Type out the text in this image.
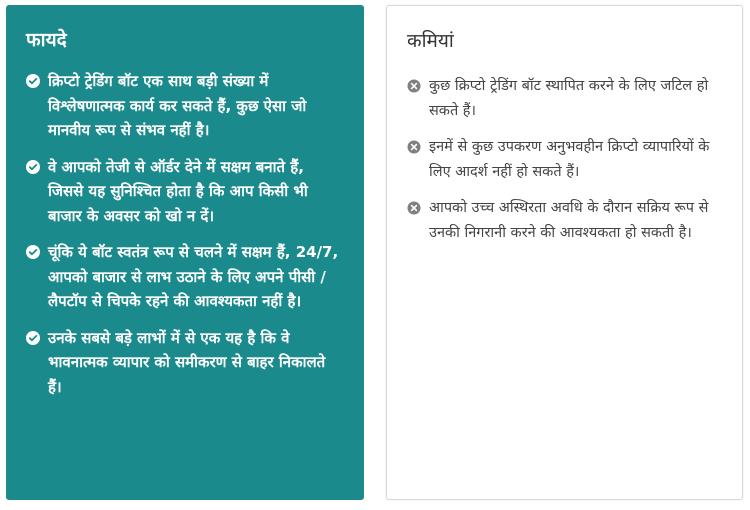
फायदे
क्रिप्टो ट्रेडिंग बॉट एक साथ बड़ी संख्या में विश्लेषणात्मक कार्य कर सकते हैं, कुछ ऐसा जो मानवीय रूप से संभव नहीं है।
वे आपको तेजी से ऑर्डर देने में सक्षम बनाते हैं, जिससे यह सुनिश्चित होता है कि आप किसी भी बाजार के अवसर को खो न दें।
चूंकि ये बॉट स्वतंत्र रूप से चलने में सक्षम हैं, 24/7, आपको बाजार से लाभ उठाने के लिए अपने पीसी / लैपटॉप से चिपके रहने की आवश्यकता नहीं है।
उनके सबसे बड़े लाभों में से एक यह है कि वे भावनात्मक व्यापार को समीकरण से बाहर निकालते हैं।
कमियां
कुछ क्रिप्टो ट्रेडिंग बॉट स्थापित करने के लिए जटिल हो सकते हैं।
इनमें से कुछ उपकरण अनुभवहीन क्रिप्टो व्यापारियों के लिए आदर्श नहीं हो सकते हैं।
आपको उच्च अस्थिरता अवधि के दौरान सक्रिय रूप से उनकी निगरानी करने की आवश्यकता हो सकती है।
